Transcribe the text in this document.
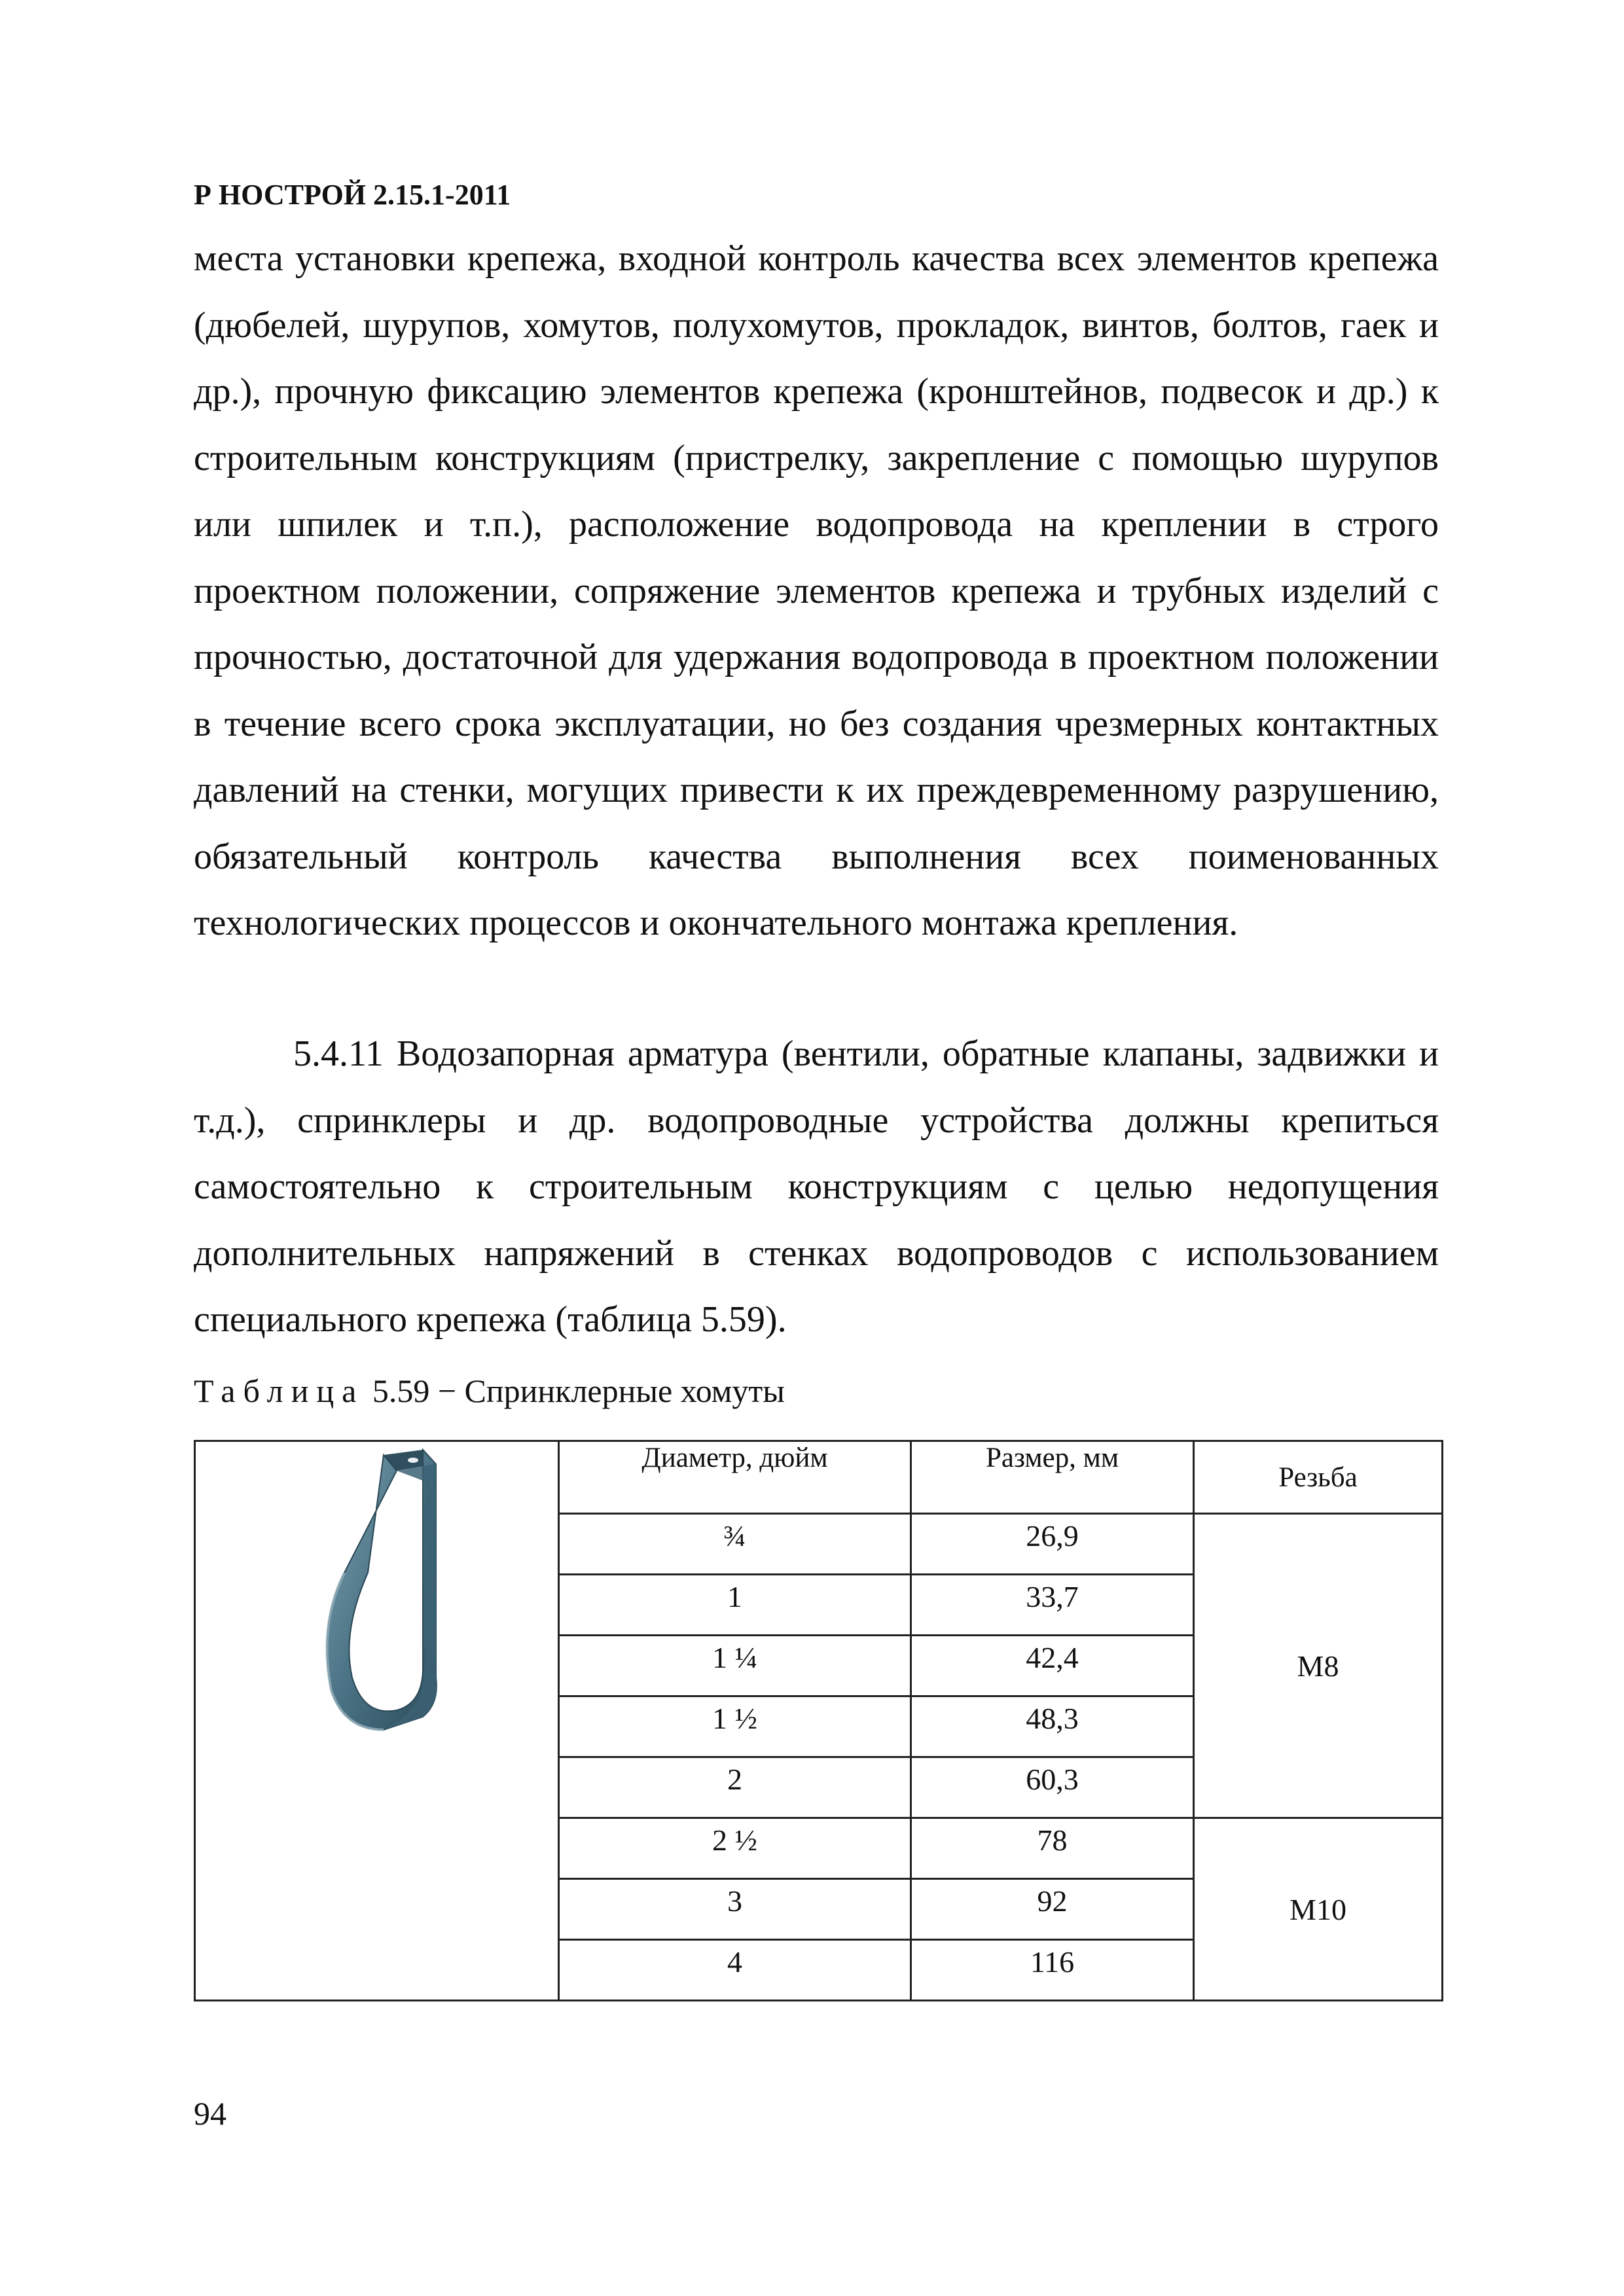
Р НОСТРОЙ 2.15.1-2011

места установки крепежа, входной контроль качества всех элементов крепежа (дюбелей, шурупов, хомутов, полухомутов, прокладок, винтов, болтов, гаек и др.), прочную фиксацию элементов крепежа (кронштейнов, подвесок и др.) к строительным конструкциям (пристрелку, закрепление с помощью шурупов или шпилек и т.п.), расположение водопровода на креплении в строго проектном положении, сопряжение элементов крепежа и трубных изделий с прочностью, достаточной для удержания водопровода в проектном положении в течение всего срока эксплуатации, но без создания чрезмерных контактных давлений на стенки, могущих привести к их преждевременному разрушению, обязательный контроль качества выполнения всех поименованных технологических процессов и окончательного монтажа крепления.

5.4.11 Водозапорная арматура (вентили, обратные клапаны, задвижки и т.д.), спринклеры и др. водопроводные устройства должны крепиться самостоятельно к строительным конструкциям с целью недопущения дополнительных напряжений в стенках водопроводов с использованием специального крепежа (таблица 5.59).

Таблица 5.59 − Спринклерные хомуты
	Диаметр, дюйм	Размер, мм	Резьба
	¾	26,9	М8
	1	33,7	
	1 ¼	42,4	
	1 ½	48,3	
	2	60,3	
	2 ½	78	М10
	3	92	
	4	116	
94
